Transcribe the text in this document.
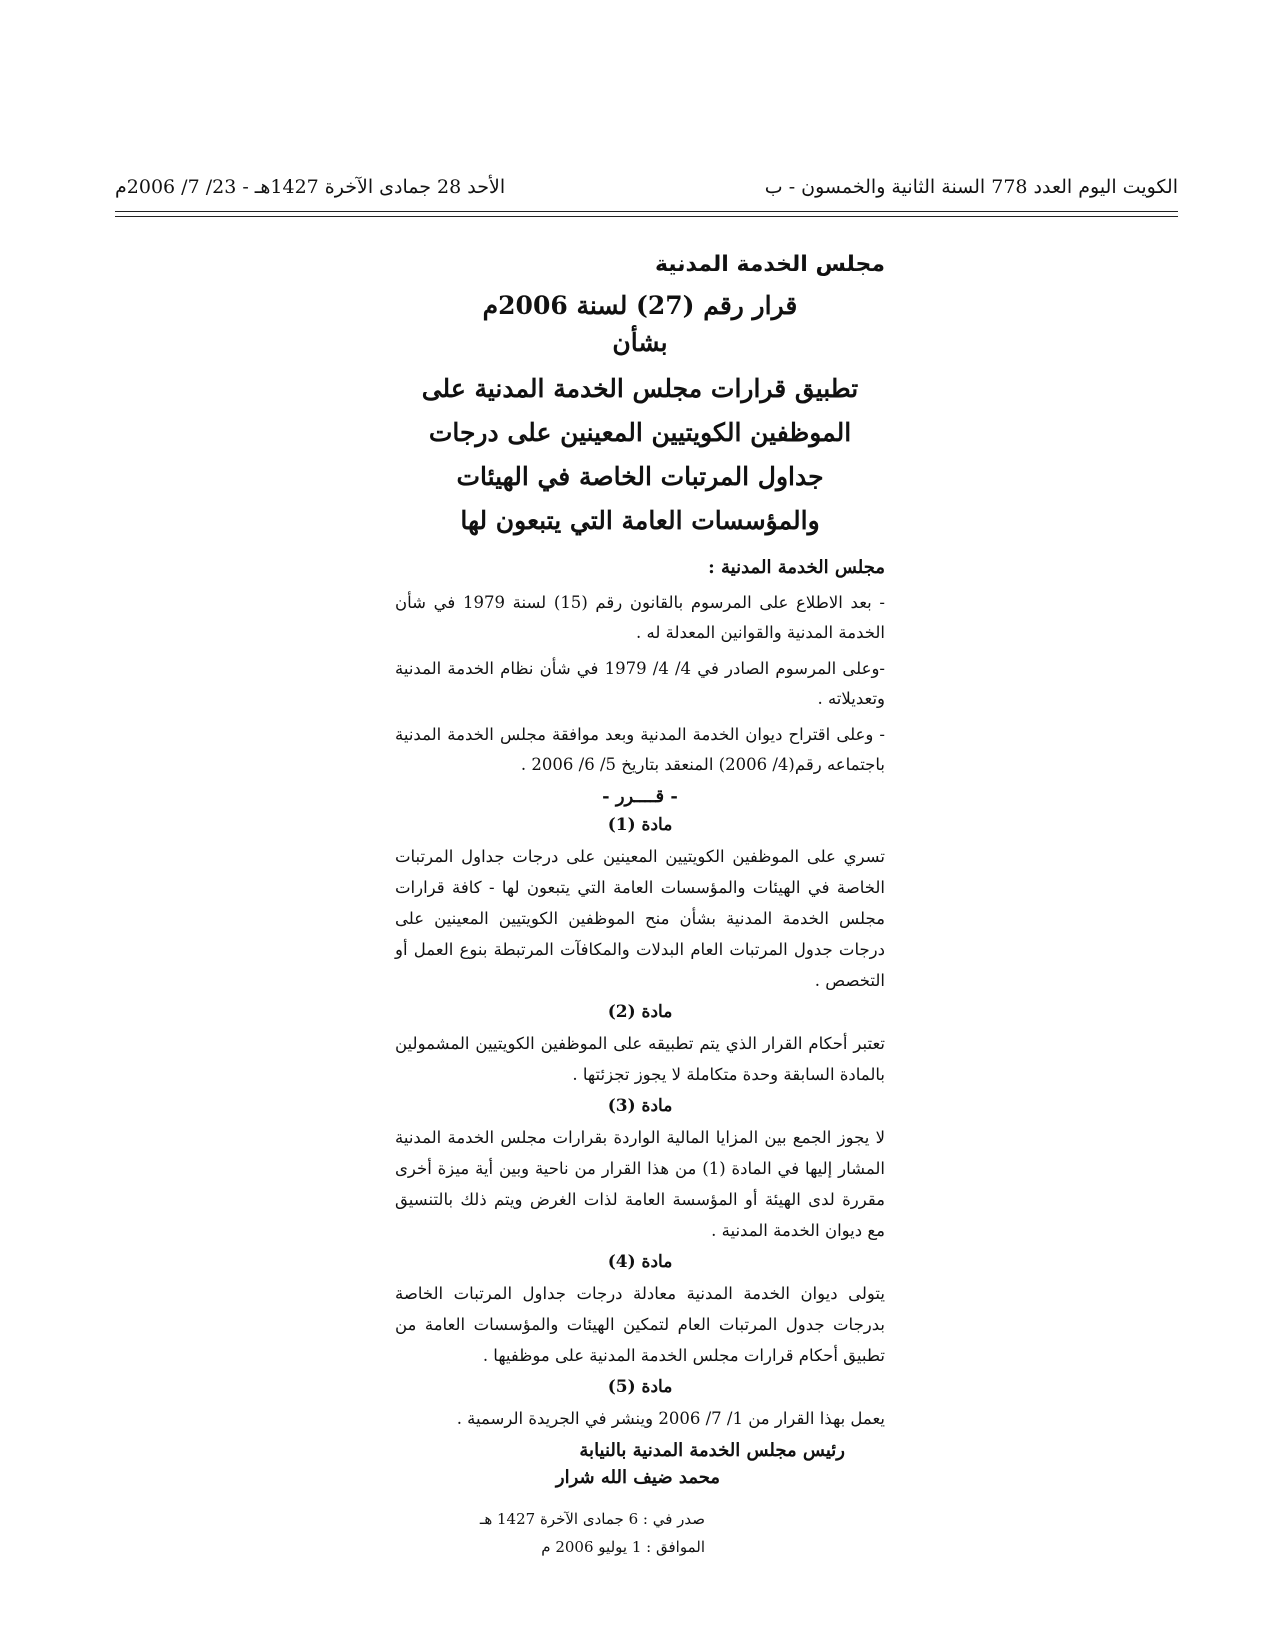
الكويت اليوم العدد 778 السنة الثانية والخمسون - ب
الأحد 28 جمادى الآخرة 1427هـ - 23/ 7/ 2006م
مجلس الخدمة المدنية
قرار رقم (27) لسنة 2006م
بشأن
تطبيق قرارات مجلس الخدمة المدنية على الموظفين الكويتيين المعينين على درجات جداول المرتبات الخاصة في الهيئات والمؤسسات العامة التي يتبعون لها
مجلس الخدمة المدنية :

- بعد الاطلاع على المرسوم بالقانون رقم (15) لسنة 1979 في شأن الخدمة المدنية والقوانين المعدلة له .

-وعلى المرسوم الصادر في 4/ 4/ 1979 في شأن نظام الخدمة المدنية وتعديلاته .

- وعلى اقتراح ديوان الخدمة المدنية وبعد موافقة مجلس الخدمة المدنية باجتماعه رقم(4/ 2006) المنعقد بتاريخ 5/ 6/ 2006 .

- قــــرر -
مادة (1)

تسري على الموظفين الكويتيين المعينين على درجات جداول المرتبات الخاصة في الهيئات والمؤسسات العامة التي يتبعون لها - كافة قرارات مجلس الخدمة المدنية بشأن منح الموظفين الكويتيين المعينين على درجات جدول المرتبات العام البدلات والمكافآت المرتبطة بنوع العمل أو التخصص .

مادة (2)

تعتبر أحكام القرار الذي يتم تطبيقه على الموظفين الكويتيين المشمولين بالمادة السابقة وحدة متكاملة لا يجوز تجزئتها .

مادة (3)

لا يجوز الجمع بين المزايا المالية الواردة بقرارات مجلس الخدمة المدنية المشار إليها في المادة (1) من هذا القرار من ناحية وبين أية ميزة أخرى مقررة لدى الهيئة أو المؤسسة العامة لذات الغرض ويتم ذلك بالتنسيق مع ديوان الخدمة المدنية .

مادة (4)

يتولى ديوان الخدمة المدنية معادلة درجات جداول المرتبات الخاصة بدرجات جدول المرتبات العام لتمكين الهيئات والمؤسسات العامة من تطبيق أحكام قرارات مجلس الخدمة المدنية على موظفيها .

مادة (5)

يعمل بهذا القرار من 1/ 7/ 2006 وينشر في الجريدة الرسمية .

رئيس مجلس الخدمة المدنية بالنيابة
محمد ضيف الله شرار
صدر في : 6 جمادى الآخرة 1427 هـ
الموافق : 1 يوليو 2006 م
